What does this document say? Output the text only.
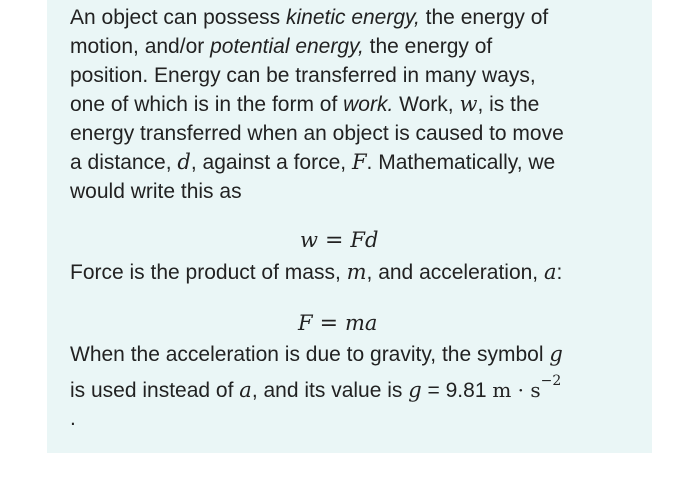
An object can possess kinetic energy, the energy of
motion, and/or potential energy, the energy of
position. Energy can be transferred in many ways,
one of which is in the form of work. Work, w, is the
energy transferred when an object is caused to move
a distance, d, against a force, F. Mathematically, we
would write this as
w = Fd
Force is the product of mass, m, and acceleration, a:
F = ma
When the acceleration is due to gravity, the symbol g
is used instead of a, and its value is g = 9.81 $m \cdot s^{-2}$
.
